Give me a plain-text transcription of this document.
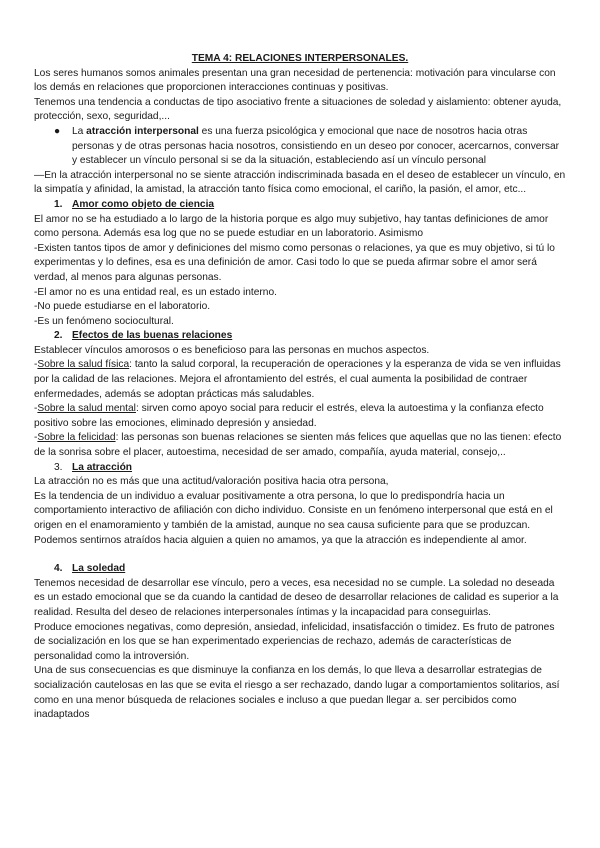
TEMA 4: RELACIONES INTERPERSONALES.

Los seres humanos somos animales presentan una gran necesidad de pertenencia: motivación para vincularse con los demás en relaciones que proporcionen interacciones continuas y positivas.

Tenemos una tendencia a conductas de tipo asociativo frente a situaciones de soledad y aislamiento: obtener ayuda, protección, sexo, seguridad,...

● La atracción interpersonal es una fuerza psicológica y emocional que nace de nosotros hacia otras personas y de otras personas hacia nosotros, consistiendo en un deseo por conocer, acercarnos, conversar y establecer un vínculo personal si se da la situación, estableciendo así un vínculo personal

—En la atracción interpersonal no se siente atracción indiscriminada basada en el deseo de establecer un vínculo, en la simpatía y afinidad, la amistad, la atracción tanto física como emocional, el cariño, la pasión, el amor, etc...

1. Amor como objeto de ciencia

El amor no se ha estudiado a lo largo de la historia porque es algo muy subjetivo, hay tantas definiciones de amor como persona. Además esa log que no se puede estudiar en un laboratorio. Asimismo

-Existen tantos tipos de amor y definiciones del mismo como personas o relaciones, ya que es muy objetivo, si tú lo experimentas y lo defines, esa es una definición de amor. Casi todo lo que se pueda afirmar sobre el amor será verdad, al menos para algunas personas.

-El amor no es una entidad real, es un estado interno.

-No puede estudiarse en el laboratorio.

-Es un fenómeno sociocultural.

2. Efectos de las buenas relaciones

Establecer vínculos amorosos o es beneficioso para las personas en muchos aspectos.

-Sobre la salud física: tanto la salud corporal, la recuperación de operaciones y la esperanza de vida se ven influidas por la calidad de las relaciones. Mejora el afrontamiento del estrés, el cual aumenta la posibilidad de contraer enfermedades, además se adoptan prácticas más saludables.

-Sobre la salud mental: sirven como apoyo social para reducir el estrés, eleva la autoestima y la confianza efecto positivo sobre las emociones, eliminado depresión y ansiedad.

-Sobre la felicidad: las personas son buenas relaciones se sienten más felices que aquellas que no las tienen: efecto de la sonrisa sobre el placer, autoestima, necesidad de ser amado, compañía, ayuda material, consejo,..

3. La atracción

La atracción no es más que una actitud/valoración positiva hacia otra persona,

Es la tendencia de un individuo a evaluar positivamente a otra persona, lo que lo predispondría hacia un comportamiento interactivo de afiliación con dicho individuo. Consiste en un fenómeno interpersonal que está en el origen en el enamoramiento y también de la amistad, aunque no sea causa suficiente para que se produzcan. Podemos sentirnos atraídos hacia alguien a quien no amamos, ya que la atracción es independiente al amor.

4. La soledad

Tenemos necesidad de desarrollar ese vínculo, pero a veces, esa necesidad no se cumple. La soledad no deseada es un estado emocional que se da cuando la cantidad de deseo de desarrollar relaciones de calidad es superior a la realidad. Resulta del deseo de relaciones interpersonales íntimas y la incapacidad para conseguirlas.

Produce emociones negativas, como depresión, ansiedad, infelicidad, insatisfacción o timidez. Es fruto de patrones de socialización en los que se han experimentado experiencias de rechazo, además de características de personalidad como la introversión.

Una de sus consecuencias es que disminuye la confianza en los demás, lo que lleva a desarrollar estrategias de socialización cautelosas en las que se evita el riesgo a ser rechazado, dando lugar a comportamientos solitarios, así como en una menor búsqueda de relaciones sociales e incluso a que puedan llegar a. ser percibidos como inadaptados
